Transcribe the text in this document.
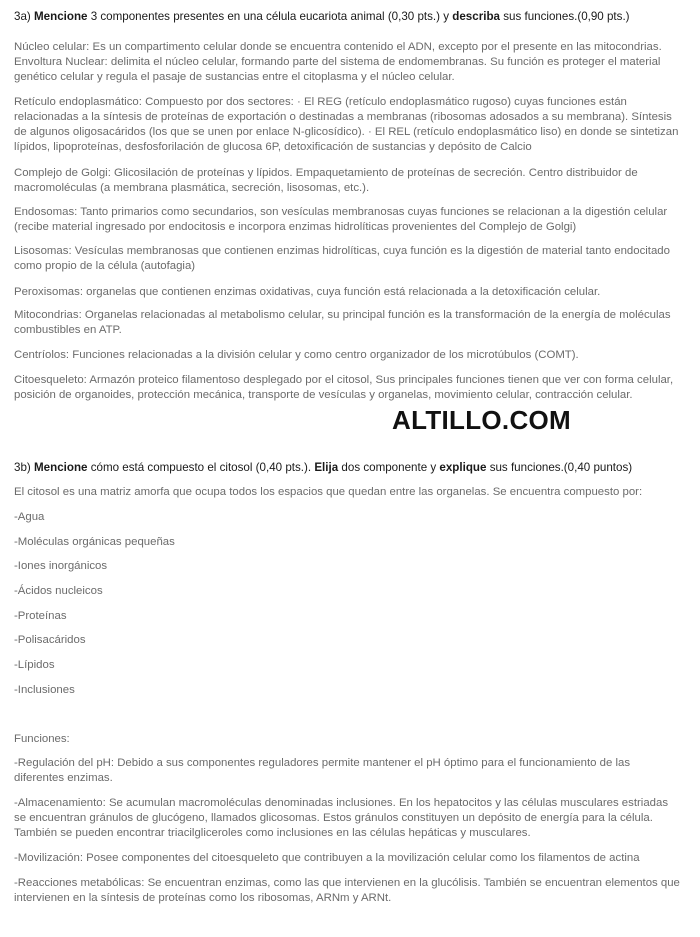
3a) Mencione 3 componentes presentes en una célula eucariota animal (0,30 pts.) y describa sus funciones.(0,90 pts.)

Núcleo celular: Es un compartimento celular donde se encuentra contenido el ADN, excepto por el presente en las mitocondrias. Envoltura Nuclear: delimita el núcleo celular, formando parte del sistema de endomembranas. Su función es proteger el material genético celular y regula el pasaje de sustancias entre el citoplasma y el núcleo celular.

Retículo endoplasmático: Compuesto por dos sectores: · El REG (retículo endoplasmático rugoso) cuyas funciones están relacionadas a la síntesis de proteínas de exportación o destinadas a membranas (ribosomas adosados a su membrana). Síntesis de algunos oligosacáridos (los que se unen por enlace N-glicosídico). · El REL (retículo endoplasmático liso) en donde se sintetizan lípidos, lipoproteínas, desfosforilación de glucosa 6P, detoxificación de sustancias y depósito de Calcio

Complejo de Golgi: Glicosilación de proteínas y lípidos. Empaquetamiento de proteínas de secreción. Centro distribuidor de macromoléculas (a membrana plasmática, secreción, lisosomas, etc.).

Endosomas: Tanto primarios como secundarios, son vesículas membranosas cuyas funciones se relacionan a la digestión celular (recibe material ingresado por endocitosis e incorpora enzimas hidrolíticas provenientes del Complejo de Golgi)

Lisosomas: Vesículas membranosas que contienen enzimas hidrolíticas, cuya función es la digestión de material tanto endocitado como propio de la célula (autofagia)

Peroxisomas: organelas que contienen enzimas oxidativas, cuya función está relacionada a la detoxificación celular.

Mitocondrias: Organelas relacionadas al metabolismo celular, su principal función es la transformación de la energía de moléculas combustibles en ATP.

Centríolos: Funciones relacionadas a la división celular y como centro organizador de los microtúbulos (COMT).

Citoesqueleto: Armazón proteico filamentoso desplegado por el citosol, Sus principales funciones tienen que ver con forma celular, posición de organoides, protección mecánica, transporte de vesículas y organelas, movimiento celular, contracción celular.

ALTILLO.COM
3b) Mencione cómo está compuesto el citosol (0,40 pts.). Elija dos componente y explique sus funciones.(0,40 puntos)

El citosol es una matriz amorfa que ocupa todos los espacios que quedan entre las organelas. Se encuentra compuesto por:

-Agua

-Moléculas orgánicas pequeñas

-Iones inorgánicos

-Ácidos nucleicos

-Proteínas

-Polisacáridos

-Lípidos

-Inclusiones

Funciones:

-Regulación del pH: Debido a sus componentes reguladores permite mantener el pH óptimo para el funcionamiento de las diferentes enzimas.

-Almacenamiento: Se acumulan macromoléculas denominadas inclusiones. En los hepatocitos y las células musculares estriadas se encuentran gránulos de glucógeno, llamados glicosomas. Estos gránulos constituyen un depósito de energía para la célula. También se pueden encontrar triacilgliceroles como inclusiones en las células hepáticas y musculares.

-Movilización: Posee componentes del citoesqueleto que contribuyen a la movilización celular como los filamentos de actina

-Reacciones metabólicas: Se encuentran enzimas, como las que intervienen en la glucólisis. También se encuentran elementos que intervienen en la síntesis de proteínas como los ribosomas, ARNm y ARNt.
